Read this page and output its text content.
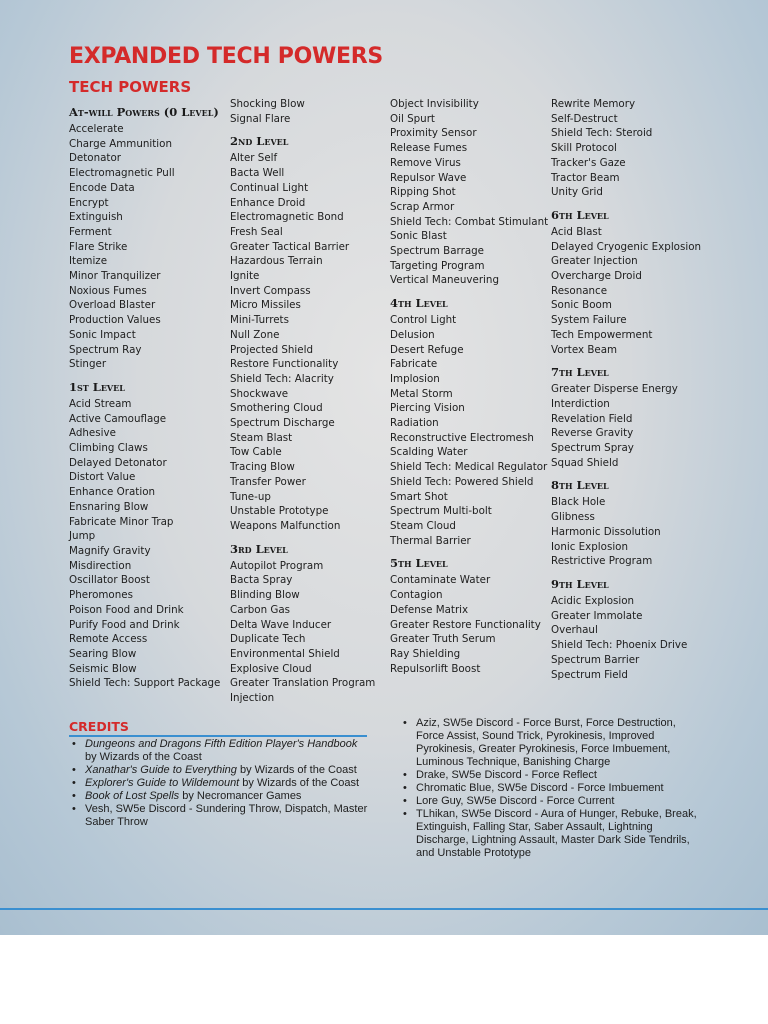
EXPANDED TECH POWERS
TECH POWERS
At-will Powers (0 Level)
Accelerate
Charge Ammunition
Detonator
Electromagnetic Pull
Encode Data
Encrypt
Extinguish
Ferment
Flare Strike
Itemize
Minor Tranquilizer
Noxious Fumes
Overload Blaster
Production Values
Sonic Impact
Spectrum Ray
Stinger
1st Level
Acid Stream
Active Camouflage
Adhesive
Climbing Claws
Delayed Detonator
Distort Value
Enhance Oration
Ensnaring Blow
Fabricate Minor Trap
Jump
Magnify Gravity
Misdirection
Oscillator Boost
Pheromones
Poison Food and Drink
Purify Food and Drink
Remote Access
Searing Blow
Seismic Blow
Shield Tech: Support Package
Shocking Blow
Signal Flare
2nd Level
Alter Self
Bacta Well
Continual Light
Enhance Droid
Electromagnetic Bond
Fresh Seal
Greater Tactical Barrier
Hazardous Terrain
Ignite
Invert Compass
Micro Missiles
Mini-Turrets
Null Zone
Projected Shield
Restore Functionality
Shield Tech: Alacrity
Shockwave
Smothering Cloud
Spectrum Discharge
Steam Blast
Tow Cable
Tracing Blow
Transfer Power
Tune-up
Unstable Prototype
Weapons Malfunction
3rd Level
Autopilot Program
Bacta Spray
Blinding Blow
Carbon Gas
Delta Wave Inducer
Duplicate Tech
Environmental Shield
Explosive Cloud
Greater Translation Program
Injection
Object Invisibility
Oil Spurt
Proximity Sensor
Release Fumes
Remove Virus
Repulsor Wave
Ripping Shot
Scrap Armor
Shield Tech: Combat Stimulant
Sonic Blast
Spectrum Barrage
Targeting Program
Vertical Maneuvering
4th Level
Control Light
Delusion
Desert Refuge
Fabricate
Implosion
Metal Storm
Piercing Vision
Radiation
Reconstructive Electromesh
Scalding Water
Shield Tech: Medical Regulator
Shield Tech: Powered Shield
Smart Shot
Spectrum Multi-bolt
Steam Cloud
Thermal Barrier
5th Level
Contaminate Water
Contagion
Defense Matrix
Greater Restore Functionality
Greater Truth Serum
Ray Shielding
Repulsorlift Boost
Rewrite Memory
Self-Destruct
Shield Tech: Steroid
Skill Protocol
Tracker's Gaze
Tractor Beam
Unity Grid
6th Level
Acid Blast
Delayed Cryogenic Explosion
Greater Injection
Overcharge Droid
Resonance
Sonic Boom
System Failure
Tech Empowerment
Vortex Beam
7th Level
Greater Disperse Energy
Interdiction
Revelation Field
Reverse Gravity
Spectrum Spray
Squad Shield
8th Level
Black Hole
Glibness
Harmonic Dissolution
Ionic Explosion
Restrictive Program
9th Level
Acidic Explosion
Greater Immolate
Overhaul
Shield Tech: Phoenix Drive
Spectrum Barrier
Spectrum Field
CREDITS
• Dungeons and Dragons Fifth Edition Player's Handbook by Wizards of the Coast
• Xanathar's Guide to Everything by Wizards of the Coast
• Explorer's Guide to Wildemount by Wizards of the Coast
• Book of Lost Spells by Necromancer Games
• Vesh, SW5e Discord - Sundering Throw, Dispatch, Master Saber Throw
• Aziz, SW5e Discord - Force Burst, Force Destruction, Force Assist, Sound Trick, Pyrokinesis, Improved Pyrokinesis, Greater Pyrokinesis, Force Imbuement, Luminous Technique, Banishing Charge
• Drake, SW5e Discord - Force Reflect
• Chromatic Blue, SW5e Discord - Force Imbuement
• Lore Guy, SW5e Discord - Force Current
• TLhikan, SW5e Discord - Aura of Hunger, Rebuke, Break, Extinguish, Falling Star, Saber Assault, Lightning Discharge, Lightning Assault, Master Dark Side Tendrils, and Unstable Prototype
